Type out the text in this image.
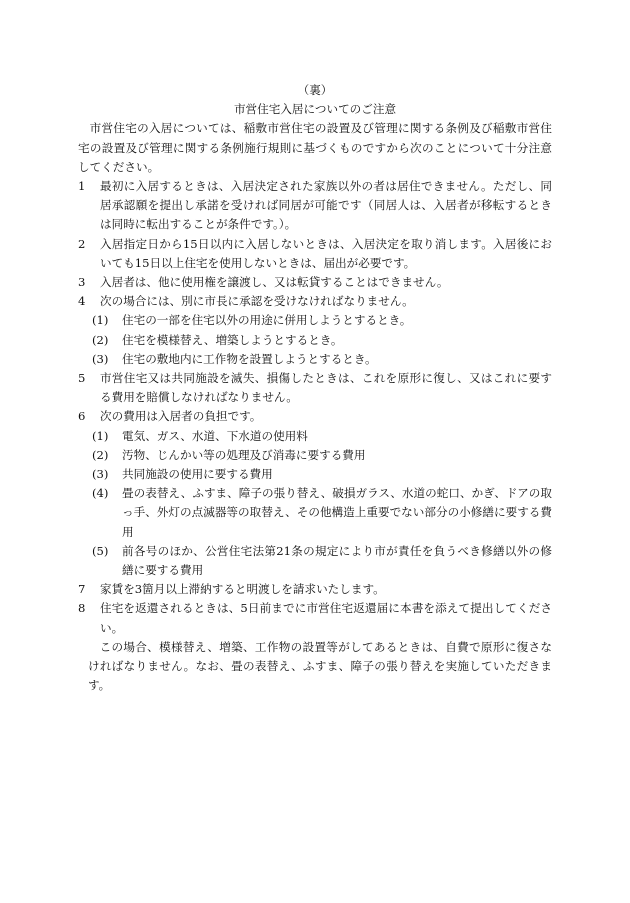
（裏）
市営住宅入居についてのご注意
市営住宅の入居については、稲敷市営住宅の設置及び管理に関する条例及び稲敷市営住宅の設置及び管理に関する条例施行規則に基づくものですから次のことについて十分注意してください。
1	最初に入居するときは、入居決定された家族以外の者は居住できません。ただし、同居承認願を提出し承諾を受ければ同居が可能です（同居人は、入居者が移転するときは同時に転出することが条件です。）。
2	入居指定日から15日以内に入居しないときは、入居決定を取り消します。入居後においても15日以上住宅を使用しないときは、届出が必要です。
3	入居者は、他に使用権を譲渡し、又は転貸することはできません。
4	次の場合には、別に市長に承認を受けなければなりません。
(1)	住宅の一部を住宅以外の用途に併用しようとするとき。
(2)	住宅を模様替え、増築しようとするとき。
(3)	住宅の敷地内に工作物を設置しようとするとき。
5	市営住宅又は共同施設を滅失、損傷したときは、これを原形に復し、又はこれに要する費用を賠償しなければなりません。
6	次の費用は入居者の負担です。
(1)	電気、ガス、水道、下水道の使用料
(2)	汚物、じんかい等の処理及び消毒に要する費用
(3)	共同施設の使用に要する費用
(4)	畳の表替え、ふすま、障子の張り替え、破損ガラス、水道の蛇口、かぎ、ドアの取っ手、外灯の点滅器等の取替え、その他構造上重要でない部分の小修繕に要する費用
(5)	前各号のほか、公営住宅法第21条の規定により市が責任を負うべき修繕以外の修繕に要する費用
7	家賃を3箇月以上滞納すると明渡しを請求いたします。
8	住宅を返還されるときは、5日前までに市営住宅返還届に本書を添えて提出してください。
この場合、模様替え、増築、工作物の設置等がしてあるときは、自費で原形に復さなければなりません。なお、畳の表替え、ふすま、障子の張り替えを実施していただきます。
